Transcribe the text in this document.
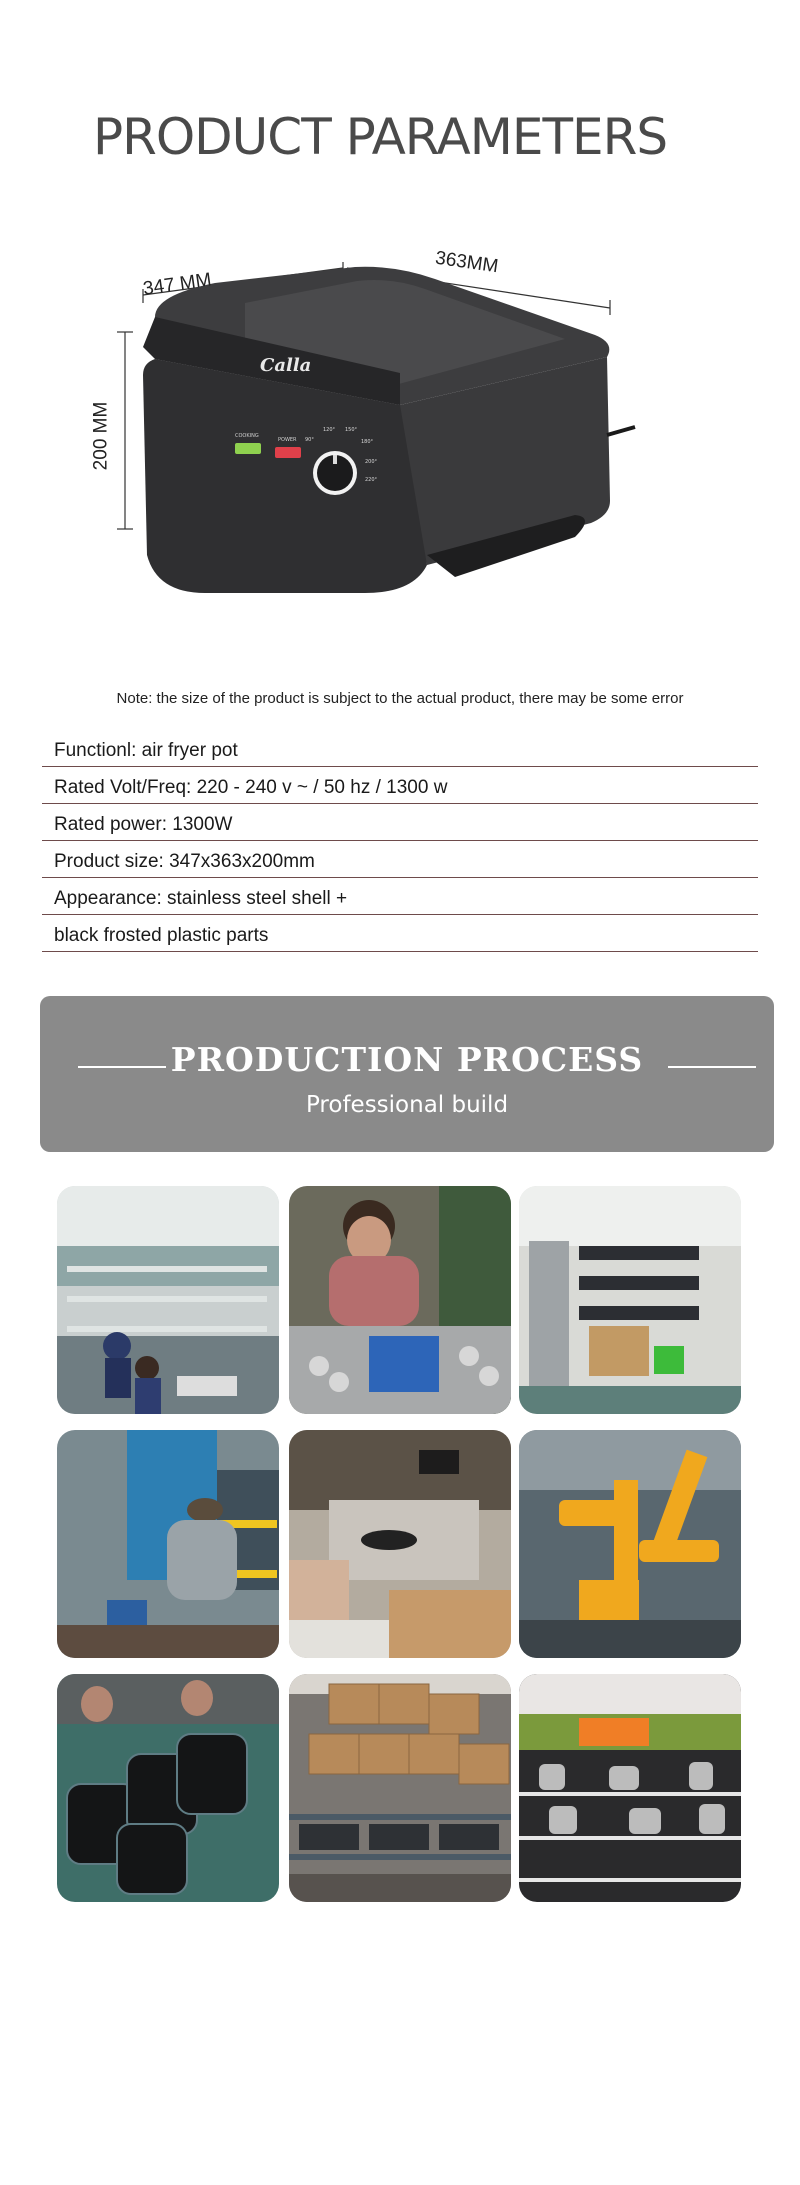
PRODUCT PARAMETERS
Calla
COOKING
POWER 90°
120° 150°
180°
200°
220°
347 MM
363MM
200 MM
Note: the size of the product is subject to the actual product, there may be some error
Functionl: air fryer pot
Rated Volt/Freq: 220 - 240 v ~ / 50 hz / 1300 w
Rated power: 1300W
Product size: 347x363x200mm
Appearance: stainless steel shell +
black frosted plastic parts
PRODUCTION PROCESS
Professional build
